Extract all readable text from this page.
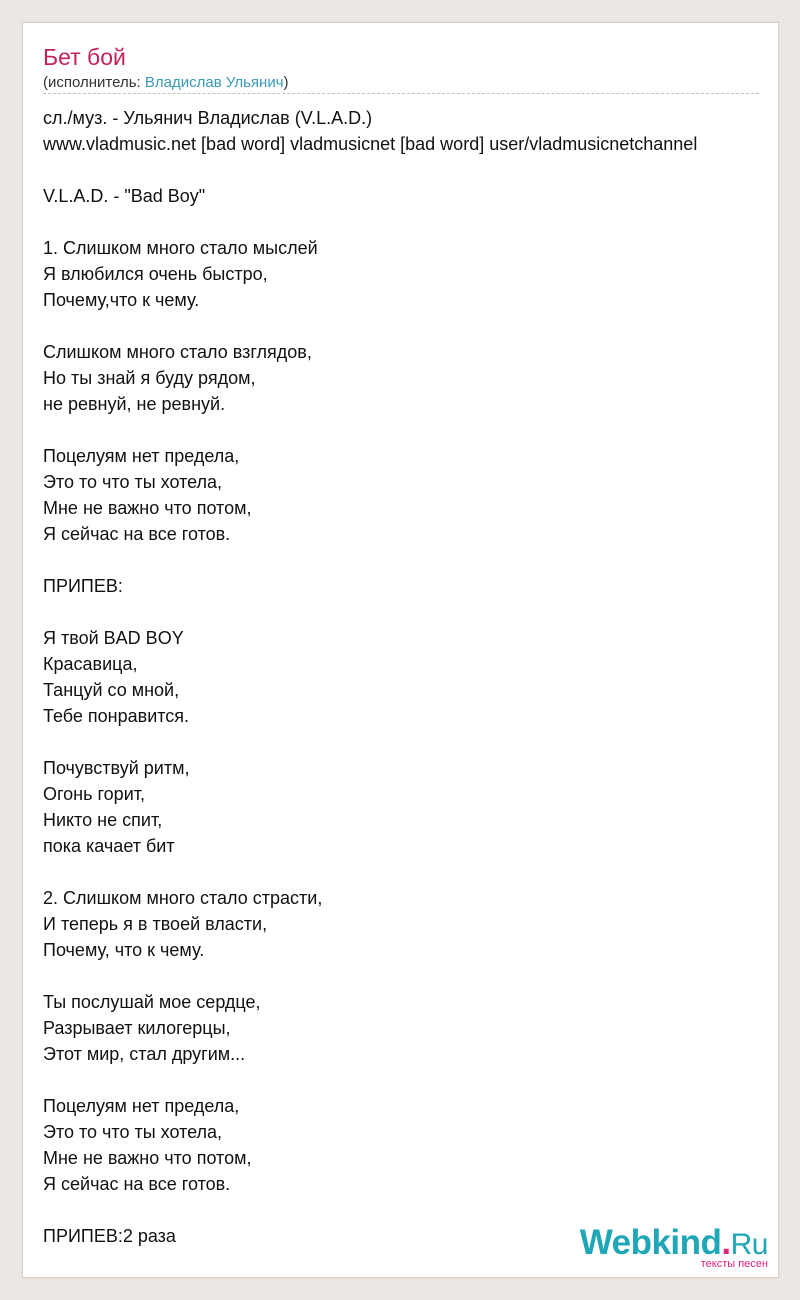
Бет бой
(исполнитель: Владислав Ульянич)
сл./муз. - Ульянич Владислав (V.L.A.D.)
www.vladmusic.net [bad word] vladmusicnet [bad word] user/vladmusicnetchannel
V.L.A.D. - "Bad Boy"
1. Слишком много стало мыслей
Я влюбился очень быстро,
Почему,что к чему.
Слишком много стало взглядов,
Но ты знай я буду рядом,
не ревнуй, не ревнуй.
Поцелуям нет предела,
Это то что ты хотела,
Мне не важно что потом,
Я сейчас на все готов.
ПРИПЕВ:
Я твой BAD BOY
Красавица,
Танцуй со мной,
Тебе понравится.
Почувствуй ритм,
Огонь горит,
Никто не спит,
пока качает бит
2. Слишком много стало страсти,
И теперь я в твоей власти,
Почему, что к чему.
Ты послушай мое сердце,
Разрывает килогерцы,
Этот мир, стал другим...
Поцелуям нет предела,
Это то что ты хотела,
Мне не важно что потом,
Я сейчас на все готов.
ПРИПЕВ:2 раза	Webkind.Ru
тексты песен
